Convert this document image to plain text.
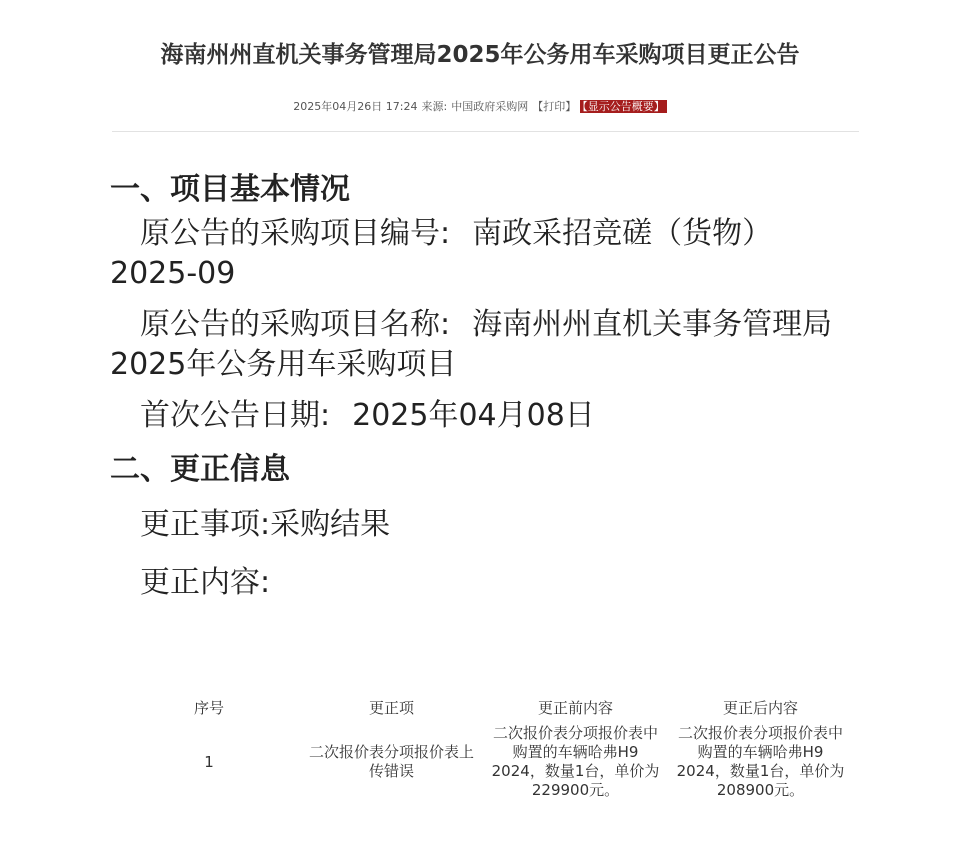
海南州州直机关事务管理局2025年公务用车采购项目更正公告
2025年04月26日 17:24 来源: 中国政府采购网 【打印】 【显示公告概要】
一、项目基本情况

原公告的采购项目编号: 南政采招竞磋（货物）2025-09

原公告的采购项目名称: 海南州州直机关事务管理局2025年公务用车采购项目

首次公告日期: 2025年04月08日

二、更正信息

更正事项:采购结果

更正内容:

序号	更正项	更正前内容	更正后内容
1	二次报价表分项报价表上传错误	二次报价表分项报价表中购置的车辆哈弗H9 2024，数量1台，单价为229900元。	二次报价表分项报价表中购置的车辆哈弗H9 2024，数量1台，单价为208900元。
